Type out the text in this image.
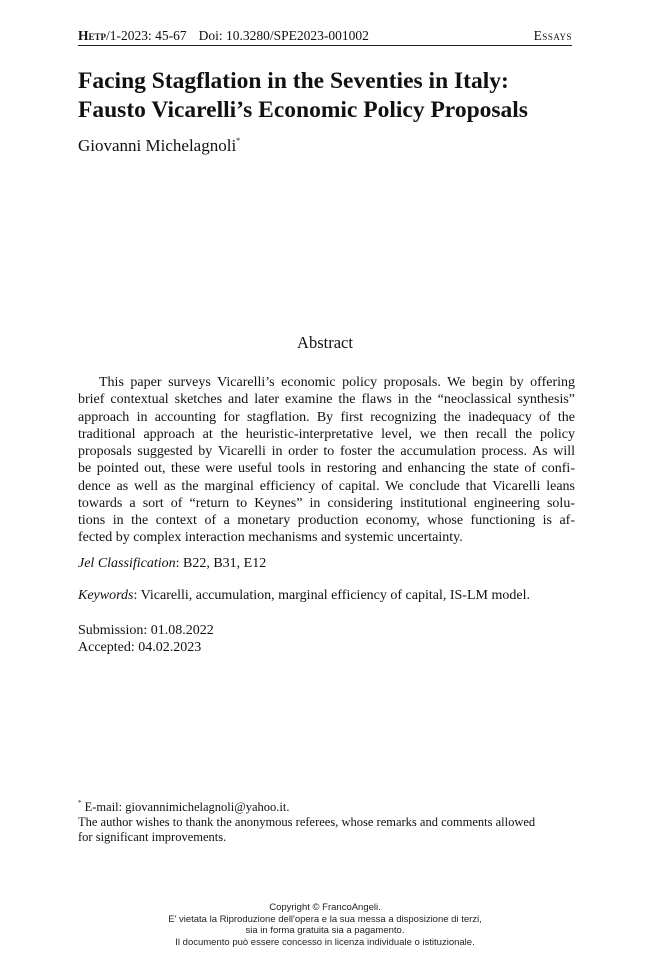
Hetp/1-2023: 45-67 Doi: 10.3280/SPE2023-001002	Essays
Facing Stagflation in the Seventies in Italy:
Fausto Vicarelli’s Economic Policy Proposals
Giovanni Michelagnoli*
Abstract
This paper surveys Vicarelli’s economic policy proposals. We begin by offering
brief contextual sketches and later examine the flaws in the “neoclassical synthesis”
approach in accounting for stagflation. By first recognizing the inadequacy of the
traditional approach at the heuristic-interpretative level, we then recall the policy
proposals suggested by Vicarelli in order to foster the accumulation process. As will
be pointed out, these were useful tools in restoring and enhancing the state of confi-
dence as well as the marginal efficiency of capital. We conclude that Vicarelli leans
towards a sort of “return to Keynes” in considering institutional engineering solu-
tions in the context of a monetary production economy, whose functioning is af-
fected by complex interaction mechanisms and systemic uncertainty.
Jel Classification: B22, B31, E12
Keywords: Vicarelli, accumulation, marginal efficiency of capital, IS-LM model.
Submission: 01.08.2022
Accepted: 04.02.2023
* E-mail: giovannimichelagnoli@yahoo.it.
The author wishes to thank the anonymous referees, whose remarks and comments allowed
for significant improvements.
Copyright © FrancoAngeli.
E' vietata la Riproduzione dell'opera e la sua messa a disposizione di terzi,
sia in forma gratuita sia a pagamento.
Il documento può essere concesso in licenza individuale o istituzionale.
